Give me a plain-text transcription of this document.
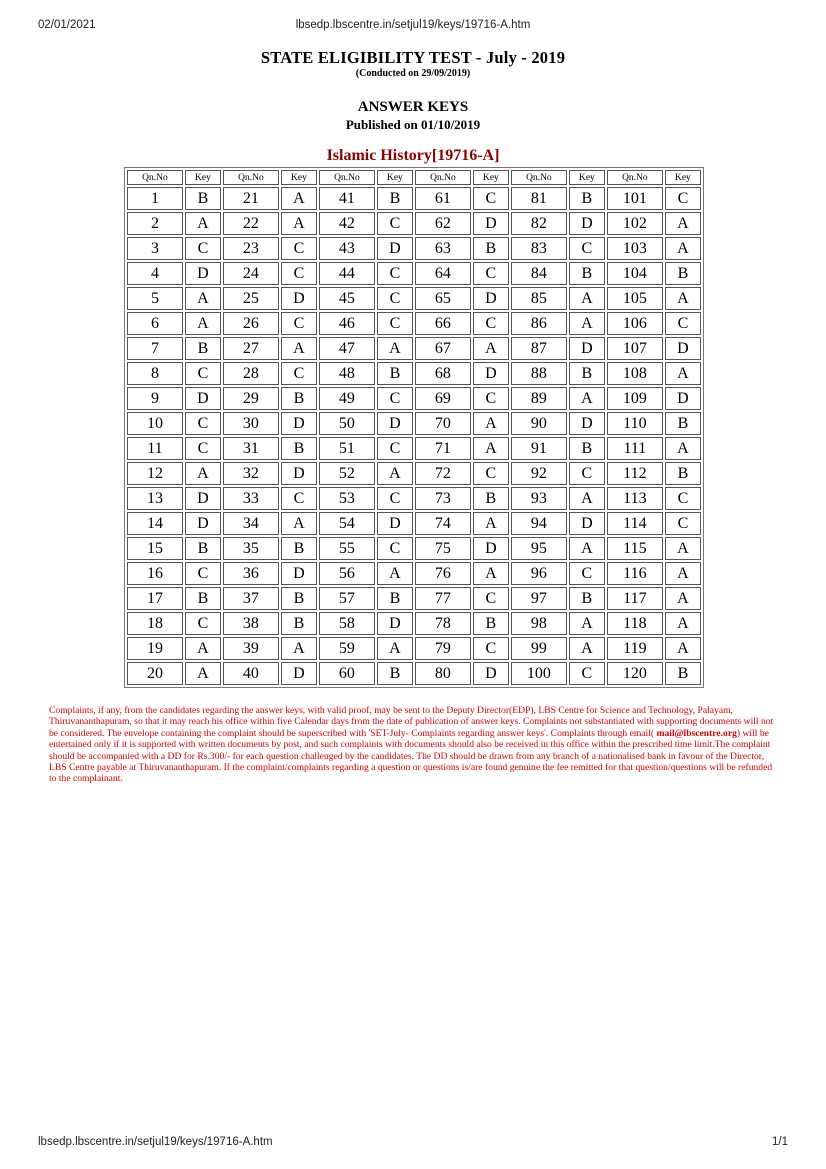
02/01/2021	lbsedp.lbscentre.in/setjul19/keys/19716-A.htm
STATE ELIGIBILITY TEST - July - 2019
(Conducted on 29/09/2019)
ANSWER KEYS
Published on 01/10/2019
Islamic History[19716-A]
Qn.No	Key	Qn.No	Key	Qn.No	Key	Qn.No	Key	Qn.No	Key	Qn.No	Key
1	B	21	A	41	B	61	C	81	B	101	C
2	A	22	A	42	C	62	D	82	D	102	A
3	C	23	C	43	D	63	B	83	C	103	A
4	D	24	C	44	C	64	C	84	B	104	B
5	A	25	D	45	C	65	D	85	A	105	A
6	A	26	C	46	C	66	C	86	A	106	C
7	B	27	A	47	A	67	A	87	D	107	D
8	C	28	C	48	B	68	D	88	B	108	A
9	D	29	B	49	C	69	C	89	A	109	D
10	C	30	D	50	D	70	A	90	D	110	B
11	C	31	B	51	C	71	A	91	B	111	A
12	A	32	D	52	A	72	C	92	C	112	B
13	D	33	C	53	C	73	B	93	A	113	C
14	D	34	A	54	D	74	A	94	D	114	C
15	B	35	B	55	C	75	D	95	A	115	A
16	C	36	D	56	A	76	A	96	C	116	A
17	B	37	B	57	B	77	C	97	B	117	A
18	C	38	B	58	D	78	B	98	A	118	A
19	A	39	A	59	A	79	C	99	A	119	A
20	A	40	D	60	B	80	D	100	C	120	B
Complaints, if any, from the candidates regarding the answer keys, with valid proof, may be sent to the Deputy Director(EDP), LBS Centre for Science and Technology, Palayam, Thiruvananthapuram, so that it may reach his office within five Calendar days from the date of publication of answer keys. Complaints not substantiated with supporting documents will not be considered. The envelope containing the complaint should be superscribed with 'SET-July- Complaints regarding answer keys'. Complaints through email( mail@lbscentre.org) will be entertained only if it is supported with written documents by post, and such complaints with documents should also be received in this office within the prescribed time limit.The complaint should be accompanied with a DD for Rs.300/- for each question challenged by the candidates. The DD should be drawn from any branch of a nationalised bank in favour of the Director, LBS Centre payable at Thiruvananthapuram. If the complaint/complaints regarding a question or questions is/are found genuine the fee remitted for that question/questions will be refunded to the complainant.
lbsedp.lbscentre.in/setjul19/keys/19716-A.htm	1/1
